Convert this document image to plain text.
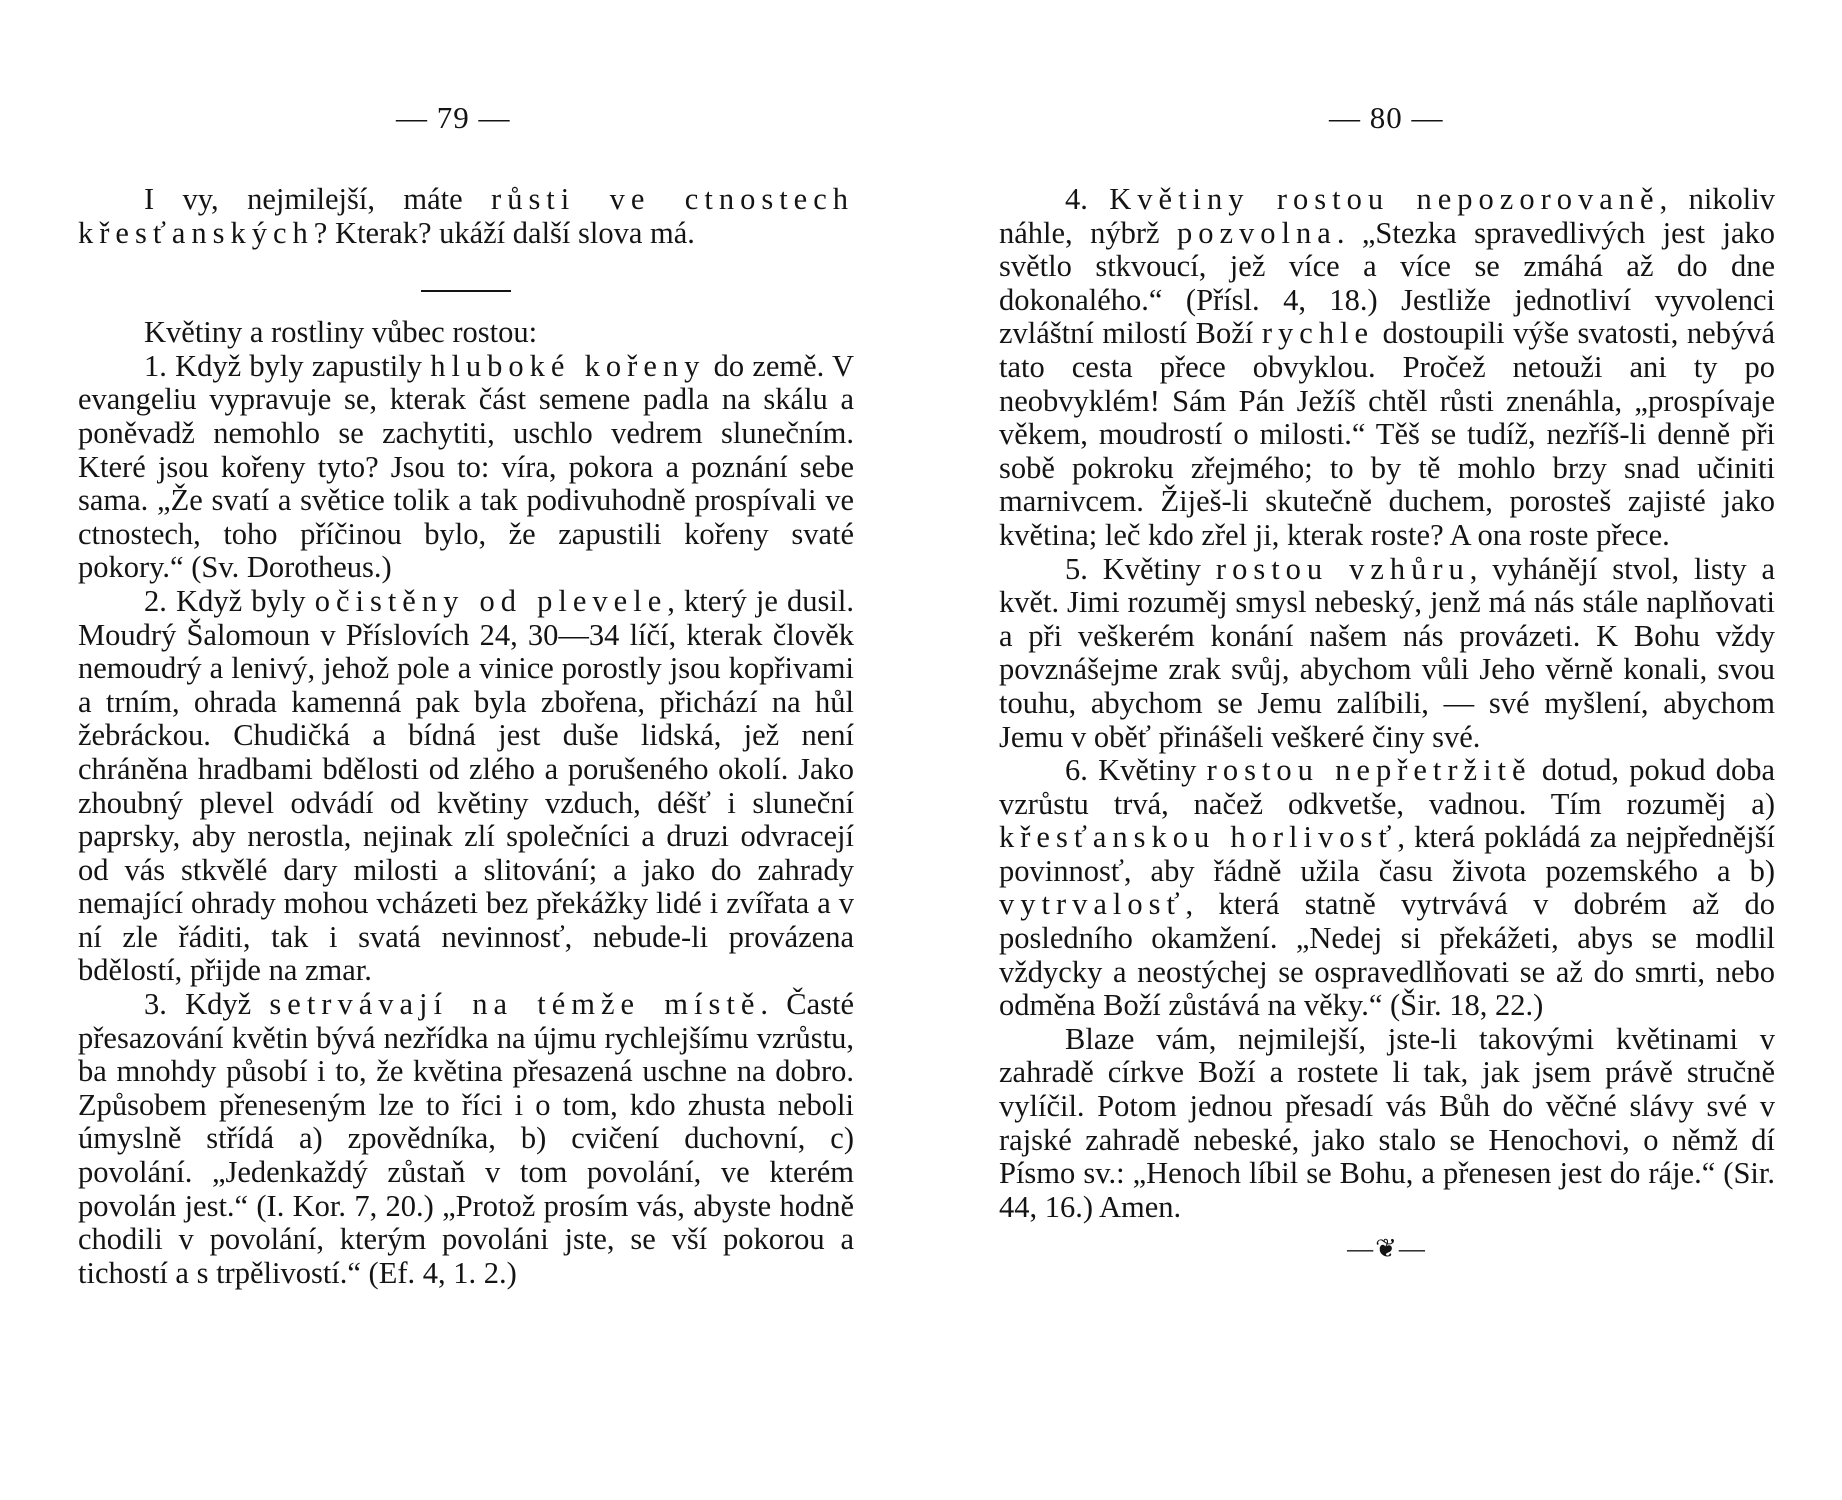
— 79 —

I vy, nejmilejší, máte růsti ve ctnostech křesťanských? Kterak? ukáží další slova má.

Květiny a rostliny vůbec rostou:

1. Když byly zapustily hluboké kořeny do země. V evangeliu vypravuje se, kterak část semene padla na skálu a poněvadž nemohlo se zachytiti, uschlo vedrem slunečním. Které jsou kořeny tyto? Jsou to: víra, pokora a poznání sebe sama. „Že svatí a světice tolik a tak podivuhodně prospívali ve ctnostech, toho příčinou bylo, že zapustili kořeny svaté pokory.“ (Sv. Dorotheus.)

2. Když byly očistěny od plevele, který je dusil. Moudrý Šalomoun v Příslovích 24, 30—34 líčí, kterak člověk nemoudrý a lenivý, jehož pole a vinice porostly jsou kopřivami a trním, ohrada kamenná pak byla zbořena, přichází na hůl žebráckou. Chudičká a bídná jest duše lidská, jež není chráněna hradbami bdělosti od zlého a porušeného okolí. Jako zhoubný plevel odvádí od květiny vzduch, déšť i sluneční paprsky, aby nerostla, nejinak zlí společníci a druzi odvracejí od vás stkvělé dary milosti a slitování; a jako do zahrady nemající ohrady mohou vcházeti bez překážky lidé i zvířata a v ní zle řáditi, tak i svatá nevinnosť, nebude-li provázena bdělostí, přijde na zmar.

3. Když setrvávají na témže místě. Časté přesazování květin bývá nezřídka na újmu rychlejšímu vzrůstu, ba mnohdy působí i to, že květina přesazená uschne na dobro. Způsobem přeneseným lze to říci i o tom, kdo zhusta neboli úmyslně střídá a) zpovědníka, b) cvičení duchovní, c) povolání. „Jedenkaždý zůstaň v tom povolání, ve kterém povolán jest.“ (I. Kor. 7, 20.) „Protož prosím vás, abyste hodně chodili v povolání, kterým povoláni jste, se vší pokorou a tichostí a s trpělivostí.“ (Ef. 4, 1. 2.)

— 80 —

4. Květiny rostou nepozorovaně, nikoliv náhle, nýbrž pozvolna. „Stezka spravedlivých jest jako světlo stkvoucí, jež více a více se zmáhá až do dne dokonalého.“ (Přísl. 4, 18.) Jestliže jednotliví vyvolenci zvláštní milostí Boží rychle dostoupili výše svatosti, nebývá tato cesta přece obvyklou. Pročež netouži ani ty po neobvyklém! Sám Pán Ježíš chtěl růsti znenáhla, „prospívaje věkem, moudrostí o milosti.“ Těš se tudíž, nezříš-li denně při sobě pokroku zřejmého; to by tě mohlo brzy snad učiniti marnivcem. Žiješ-li skutečně duchem, porosteš zajisté jako květina; leč kdo zřel ji, kterak roste? A ona roste přece.

5. Květiny rostou vzhůru, vyhánějí stvol, listy a květ. Jimi rozuměj smysl nebeský, jenž má nás stále naplňovati a při veškerém konání našem nás provázeti. K Bohu vždy povznášejme zrak svůj, abychom vůli Jeho věrně konali, svou touhu, abychom se Jemu zalíbili, — své myšlení, abychom Jemu v oběť přinášeli veškeré činy své.

6. Květiny rostou nepřetržitě dotud, pokud doba vzrůstu trvá, načež odkvetše, vadnou. Tím rozuměj a) křesťanskou horlivosť, která pokládá za nejpřednější povinnosť, aby řádně užila času života pozemského a b) vytrvalosť, která statně vytrvává v dobrém až do posledního okamžení. „Nedej si překážeti, abys se modlil vždycky a neostýchej se ospravedlňovati se až do smrti, nebo odměna Boží zůstává na věky.“ (Šir. 18, 22.)

Blaze vám, nejmilejší, jste-li takovými květinami v zahradě církve Boží a rostete li tak, jak jsem právě stručně vylíčil. Potom jednou přesadí vás Bůh do věčné slávy své v rajské zahradě nebeské, jako stalo se Henochovi, o němž dí Písmo sv.: „Henoch líbil se Bohu, a přenesen jest do ráje.“ (Sir. 44, 16.) Amen.

—❦—
